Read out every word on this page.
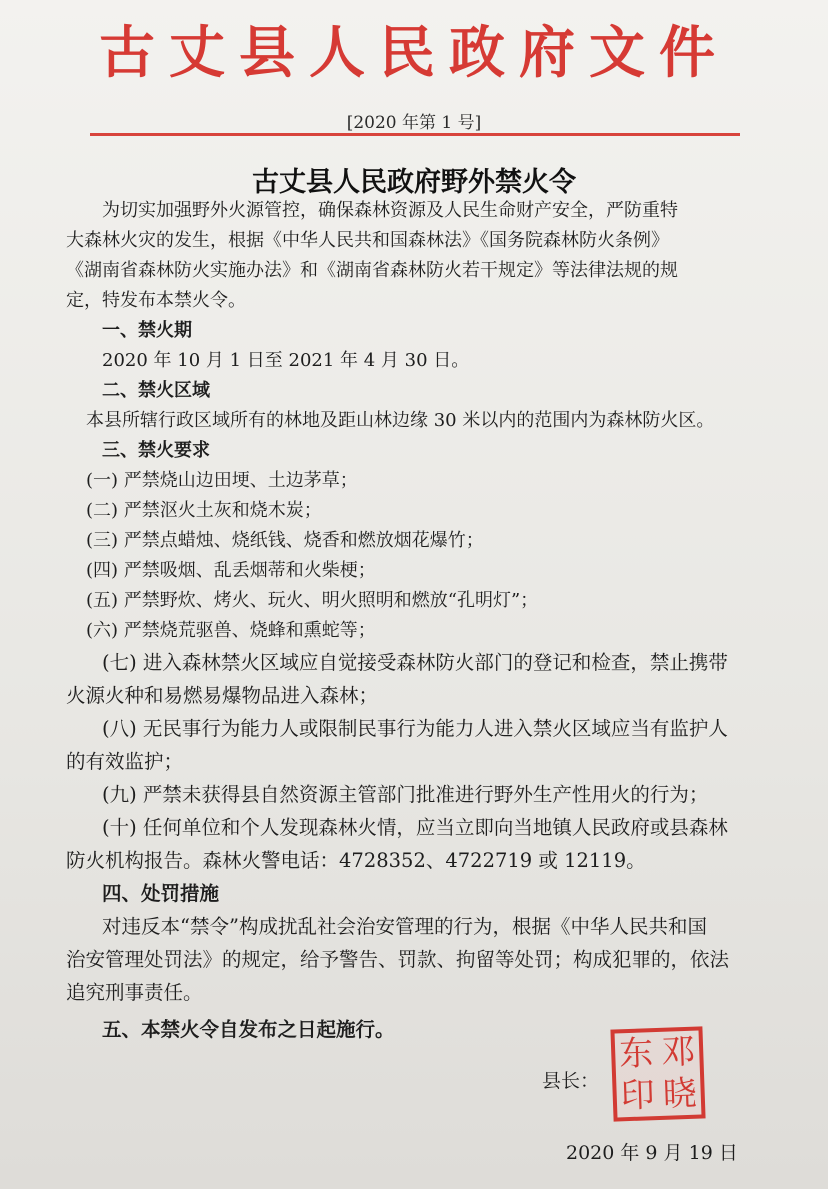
古丈县人民政府文件
[2020 年第 1 号]
古丈县人民政府野外禁火令

为切实加强野外火源管控，确保森林资源及人民生命财产安全，严防重特

大森林火灾的发生，根据《中华人民共和国森林法》《国务院森林防火条例》

《湖南省森林防火实施办法》和《湖南省森林防火若干规定》等法律法规的规

定，特发布本禁火令。

一、禁火期

2020 年 10 月 1 日至 2021 年 4 月 30 日。

二、禁火区域

本县所辖行政区域所有的林地及距山林边缘 30 米以内的范围内为森林防火区。

三、禁火要求

(一) 严禁烧山边田埂、土边茅草；

(二) 严禁沤火土灰和烧木炭；

(三) 严禁点蜡烛、烧纸钱、烧香和燃放烟花爆竹；

(四) 严禁吸烟、乱丢烟蒂和火柴梗；

(五) 严禁野炊、烤火、玩火、明火照明和燃放“孔明灯”；

(六) 严禁烧荒驱兽、烧蜂和熏蛇等；

(七) 进入森林禁火区域应自觉接受森林防火部门的登记和检查，禁止携带

火源火种和易燃易爆物品进入森林；

(八) 无民事行为能力人或限制民事行为能力人进入禁火区域应当有监护人

的有效监护；

(九) 严禁未获得县自然资源主管部门批准进行野外生产性用火的行为；

(十) 任何单位和个人发现森林火情，应当立即向当地镇人民政府或县森林

防火机构报告。森林火警电话：4728352、4722719 或 12119。

四、处罚措施

对违反本“禁令”构成扰乱社会治安管理的行为，根据《中华人民共和国

治安管理处罚法》的规定，给予警告、罚款、拘留等处罚；构成犯罪的，依法

追究刑事责任。

五、本禁火令自发布之日起施行。

县长：
东 邓
印 晓
2020 年 9 月 19 日
